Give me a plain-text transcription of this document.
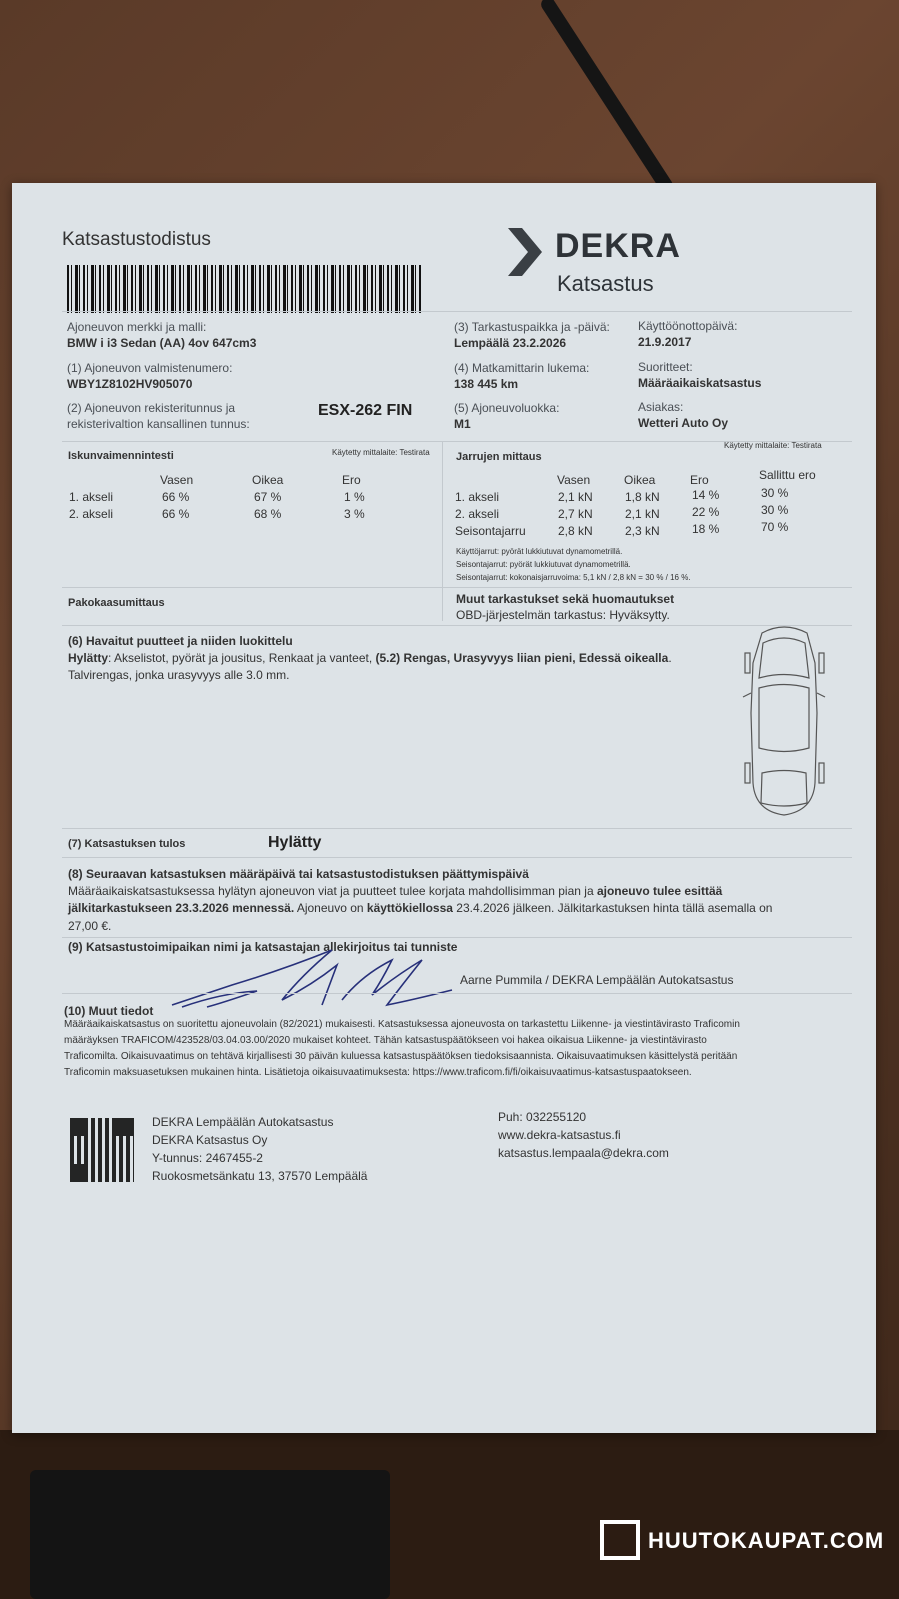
Katsastustodistus	DEKRA
Katsastus
Ajoneuvon merkki ja malli:
BMW i i3 Sedan (AA) 4ov 647cm3
(1) Ajoneuvon valmistenumero:
WBY1Z8102HV905070
(2) Ajoneuvon rekisteritunnus ja
rekisterivaltion kansallinen tunnus:
ESX-262 FIN
(3) Tarkastuspaikka ja -päivä:
Lempäälä 23.2.2026
Käyttöönottopäivä:
21.9.2017
(4) Matkamittarin lukema:
138 445 km
Suoritteet:
Määräaikaiskatsastus
(5) Ajoneuvoluokka:
M1
Asiakas:
Wetteri Auto Oy
Iskunvaimennintesti	Käytetty mittalaite: Testirata
Vasen	Oikea	Ero
1. akseli	66 %	67 %	1 %
2. akseli	66 %	68 %	3 %
Jarrujen mittaus
Käytetty mittalaite: Testirata
Vasen	Oikea	Ero	Sallittu ero
1. akseli	2,1 kN	1,8 kN	14 %	30 %
2. akseli	2,7 kN	2,1 kN	22 %	30 %
Seisontajarru	2,8 kN	2,3 kN	18 %	70 %
Käyttöjarrut: pyörät lukkiutuvat dynamometrillä.
Seisontajarrut: pyörät lukkiutuvat dynamometrillä.
Seisontajarrut: kokonaisjarruvoima: 5,1 kN / 2,8 kN = 30 % / 16 %.
Pakokaasumittaus	Muut tarkastukset sekä huomautukset
OBD-järjestelmän tarkastus: Hyväksytty.
(6) Havaitut puutteet ja niiden luokittelu
Hylätty: Akselistot, pyörät ja jousitus, Renkaat ja vanteet, (5.2) Rengas, Urasyvyys liian pieni, Edessä oikealla.
Talvirengas, jonka urasyvyys alle 3.0 mm.
(7) Katsastuksen tulos	Hylätty
(8) Seuraavan katsastuksen määräpäivä tai katsastustodistuksen päättymispäivä
Määräaikaiskatsastuksessa hylätyn ajoneuvon viat ja puutteet tulee korjata mahdollisimman pian ja ajoneuvo tulee esittää
jälkitarkastukseen 23.3.2026 mennessä. Ajoneuvo on käyttökiellossa 23.4.2026 jälkeen. Jälkitarkastuksen hinta tällä asemalla on
27,00 €.
(9) Katsastustoimipaikan nimi ja katsastajan allekirjoitus tai tunniste
Aarne Pummila / DEKRA Lempäälän Autokatsastus
(10) Muut tiedot
Määräaikaiskatsastus on suoritettu ajoneuvolain (82/2021) mukaisesti. Katsastuksessa ajoneuvosta on tarkastettu Liikenne- ja viestintävirasto Traficomin
määräyksen TRAFICOM/423528/03.04.03.00/2020 mukaiset kohteet. Tähän katsastuspäätökseen voi hakea oikaisua Liikenne- ja viestintävirasto
Traficomilta. Oikaisuvaatimus on tehtävä kirjallisesti 30 päivän kuluessa katsastuspäätöksen tiedoksisaannista. Oikaisuvaatimuksen käsittelystä peritään
Traficomin maksuasetuksen mukainen hinta. Lisätietoja oikaisuvaatimuksesta: https://www.traficom.fi/fi/oikaisuvaatimus-katsastuspaatokseen.
DEKRA Lempäälän Autokatsastus
DEKRA Katsastus Oy
Y-tunnus: 2467455-2
Ruokosmetsänkatu 13, 37570 Lempäälä
Puh: 032255120
www.dekra-katsastus.fi
katsastus.lempaala@dekra.com
HUUTOKAUPAT.COM
